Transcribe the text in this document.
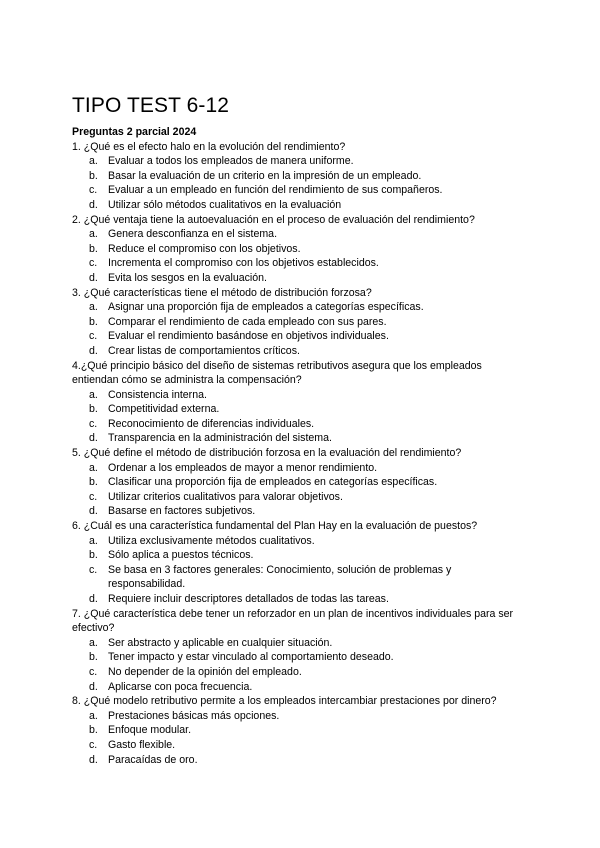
TIPO TEST 6-12

Preguntas 2 parcial 2024

1. ¿Qué es el efecto halo en la evolución del rendimiento?

a. Evaluar a todos los empleados de manera uniforme.
b. Basar la evaluación de un criterio en la impresión de un empleado.
c. Evaluar a un empleado en función del rendimiento de sus compañeros.
d. Utilizar sólo métodos cualitativos en la evaluación

2. ¿Qué ventaja tiene la autoevaluación en el proceso de evaluación del rendimiento?

a. Genera desconfianza en el sistema.
b. Reduce el compromiso con los objetivos.
c. Incrementa el compromiso con los objetivos establecidos.
d. Evita los sesgos en la evaluación.

3. ¿Qué características tiene el método de distribución forzosa?

a. Asignar una proporción fija de empleados a categorías específicas.
b. Comparar el rendimiento de cada empleado con sus pares.
c. Evaluar el rendimiento basándose en objetivos individuales.
d. Crear listas de comportamientos críticos.

4.¿Qué principio básico del diseño de sistemas retributivos asegura que los empleados entiendan cómo se administra la compensación?

a. Consistencia interna.
b. Competitividad externa.
c. Reconocimiento de diferencias individuales.
d. Transparencia en la administración del sistema.

5. ¿Qué define el método de distribución forzosa en la evaluación del rendimiento?

a. Ordenar a los empleados de mayor a menor rendimiento.
b. Clasificar una proporción fija de empleados en categorías específicas.
c. Utilizar criterios cualitativos para valorar objetivos.
d. Basarse en factores subjetivos.

6. ¿Cuál es una característica fundamental del Plan Hay en la evaluación de puestos?

a. Utiliza exclusivamente métodos cualitativos.
b. Sólo aplica a puestos técnicos.
c. Se basa en 3 factores generales: Conocimiento, solución de problemas y responsabilidad.
d. Requiere incluir descriptores detallados de todas las tareas.

7. ¿Qué característica debe tener un reforzador en un plan de incentivos individuales para ser efectivo?

a. Ser abstracto y aplicable en cualquier situación.
b. Tener impacto y estar vinculado al comportamiento deseado.
c. No depender de la opinión del empleado.
d. Aplicarse con poca frecuencia.

8. ¿Qué modelo retributivo permite a los empleados intercambiar prestaciones por dinero?

a. Prestaciones básicas más opciones.
b. Enfoque modular.
c. Gasto flexible.
d. Paracaídas de oro.
